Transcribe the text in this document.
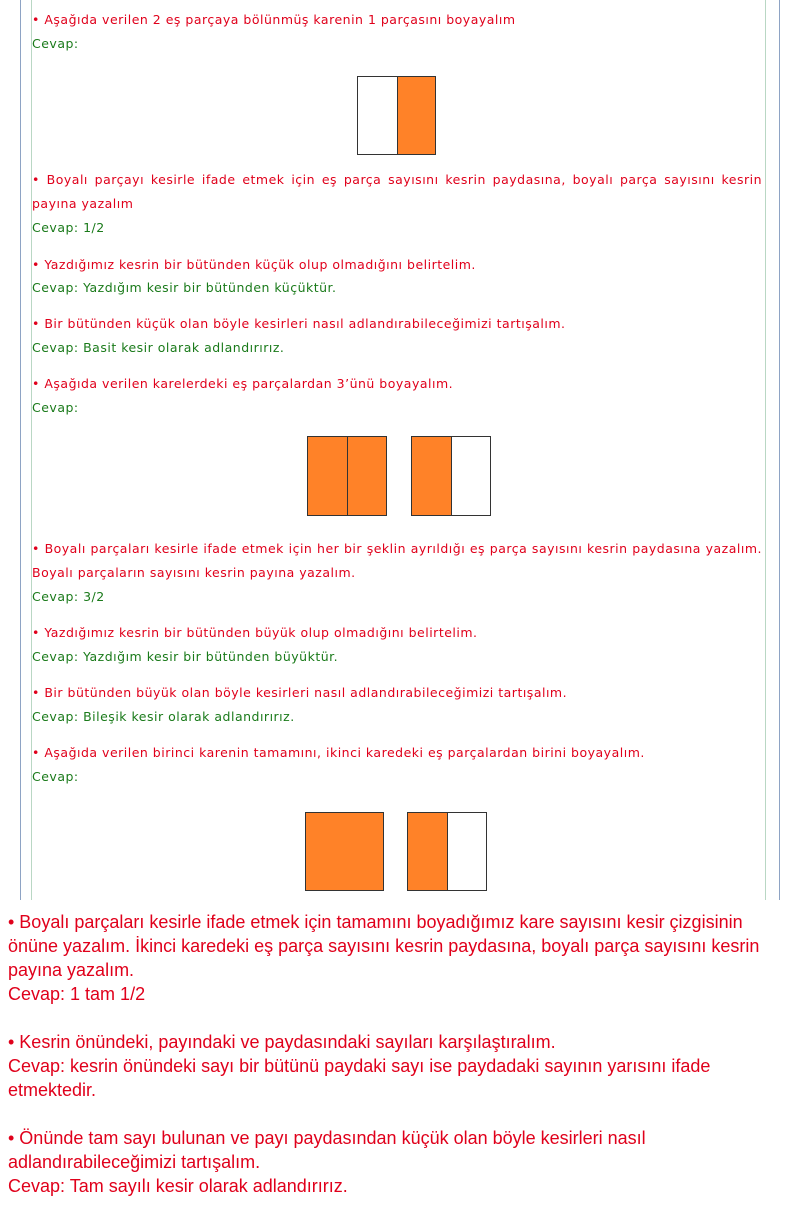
• Aşağıda verilen 2 eş parçaya bölünmüş karenin 1 parçasını boyayalım

Cevap:

• Boyalı parçayı kesirle ifade etmek için eş parça sayısını kesrin paydasına, boyalı parça sayısını kesrin payına yazalım

Cevap: 1/2

• Yazdığımız kesrin bir bütünden küçük olup olmadığını belirtelim.

Cevap: Yazdığım kesir bir bütünden küçüktür.

• Bir bütünden küçük olan böyle kesirleri nasıl adlandırabileceğimizi tartışalım.

Cevap: Basit kesir olarak adlandırırız.

• Aşağıda verilen karelerdeki eş parçalardan 3’ünü boyayalım.

Cevap:

• Boyalı parçaları kesirle ifade etmek için her bir şeklin ayrıldığı eş parça sayısını kesrin paydasına yazalım. Boyalı parçaların sayısını kesrin payına yazalım.

Cevap: 3/2

• Yazdığımız kesrin bir bütünden büyük olup olmadığını belirtelim.

Cevap: Yazdığım kesir bir bütünden büyüktür.

• Bir bütünden büyük olan böyle kesirleri nasıl adlandırabileceğimizi tartışalım.

Cevap: Bileşik kesir olarak adlandırırız.

• Aşağıda verilen birinci karenin tamamını, ikinci karedeki eş parçalardan birini boyayalım.

Cevap:

• Boyalı parçaları kesirle ifade etmek için tamamını boyadığımız kare sayısını kesir çizgisinin önüne yazalım. İkinci karedeki eş parça sayısını kesrin paydasına, boyalı parça sayısını kesrin payına yazalım.

Cevap: 1 tam 1/2

• Kesrin önündeki, payındaki ve paydasındaki sayıları karşılaştıralım.

Cevap: kesrin önündeki sayı bir bütünü paydaki sayı ise paydadaki sayının yarısını ifade etmektedir.

• Önünde tam sayı bulunan ve payı paydasından küçük olan böyle kesirleri nasıl adlandırabileceğimizi tartışalım.

Cevap: Tam sayılı kesir olarak adlandırırız.
